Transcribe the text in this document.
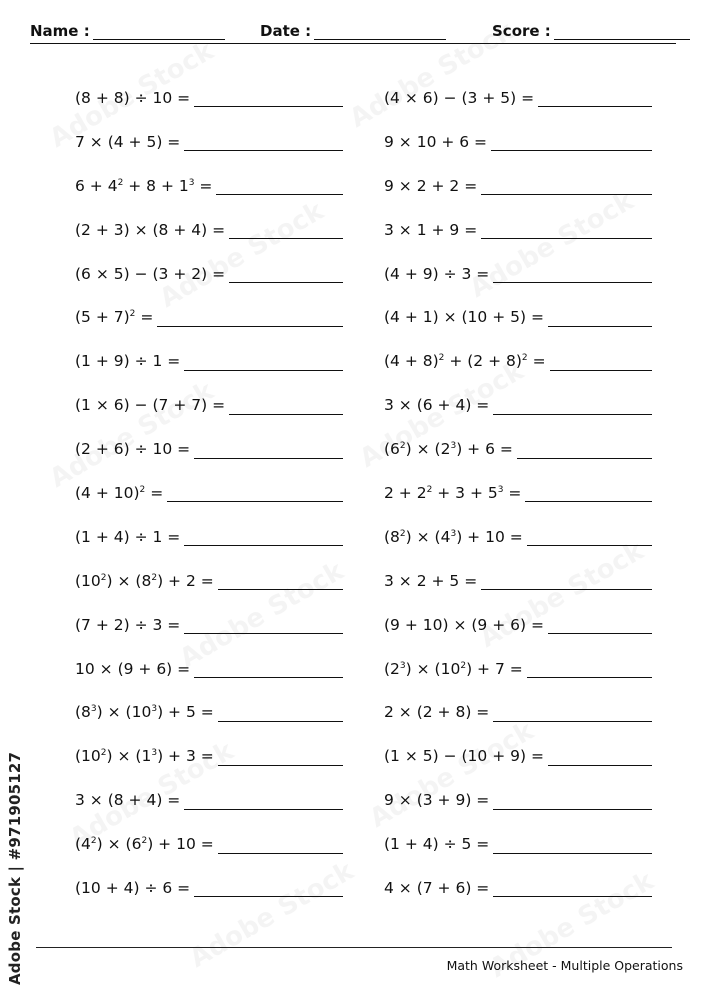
Name :	Date :	Score :
(8 + 8) ÷ 10 =
7 × (4 + 5) =
$6 + 4^2 + 8 + 1^3$ =
(2 + 3) × (8 + 4) =
(6 × 5) − (3 + 2) =
$(5 + 7)^2$ =
(1 + 9) ÷ 1 =
(1 × 6) − (7 + 7) =
(2 + 6) ÷ 10 =
$(4 + 10)^2$ =
(1 + 4) ÷ 1 =
$(10^2) \times (8^2) + 2$ =
(7 + 2) ÷ 3 =
10 × (9 + 6) =
$(8^3) \times (10^3) + 5$ =
$(10^2) \times (1^3) + 3$ =
3 × (8 + 4) =
$(4^2) \times (6^2) + 10$ =
(10 + 4) ÷ 6 =
(4 × 6) − (3 + 5) =
9 × 10 + 6 =
9 × 2 + 2 =
3 × 1 + 9 =
(4 + 9) ÷ 3 =
(4 + 1) × (10 + 5) =
$(4 + 8)^2 + (2 + 8)^2$ =
3 × (6 + 4) =
$(6^2) \times (2^3) + 6$ =
$2 + 2^2 + 3 + 5^3$ =
$(8^2) \times (4^3) + 10$ =
3 × 2 + 5 =
(9 + 10) × (9 + 6) =
$(2^3) \times (10^2) + 7$ =
2 × (2 + 8) =
(1 × 5) − (10 + 9) =
9 × (3 + 9) =
(1 + 4) ÷ 5 =
4 × (7 + 6) =
Math Worksheet - Multiple Operations
Adobe Stock | #971905127
